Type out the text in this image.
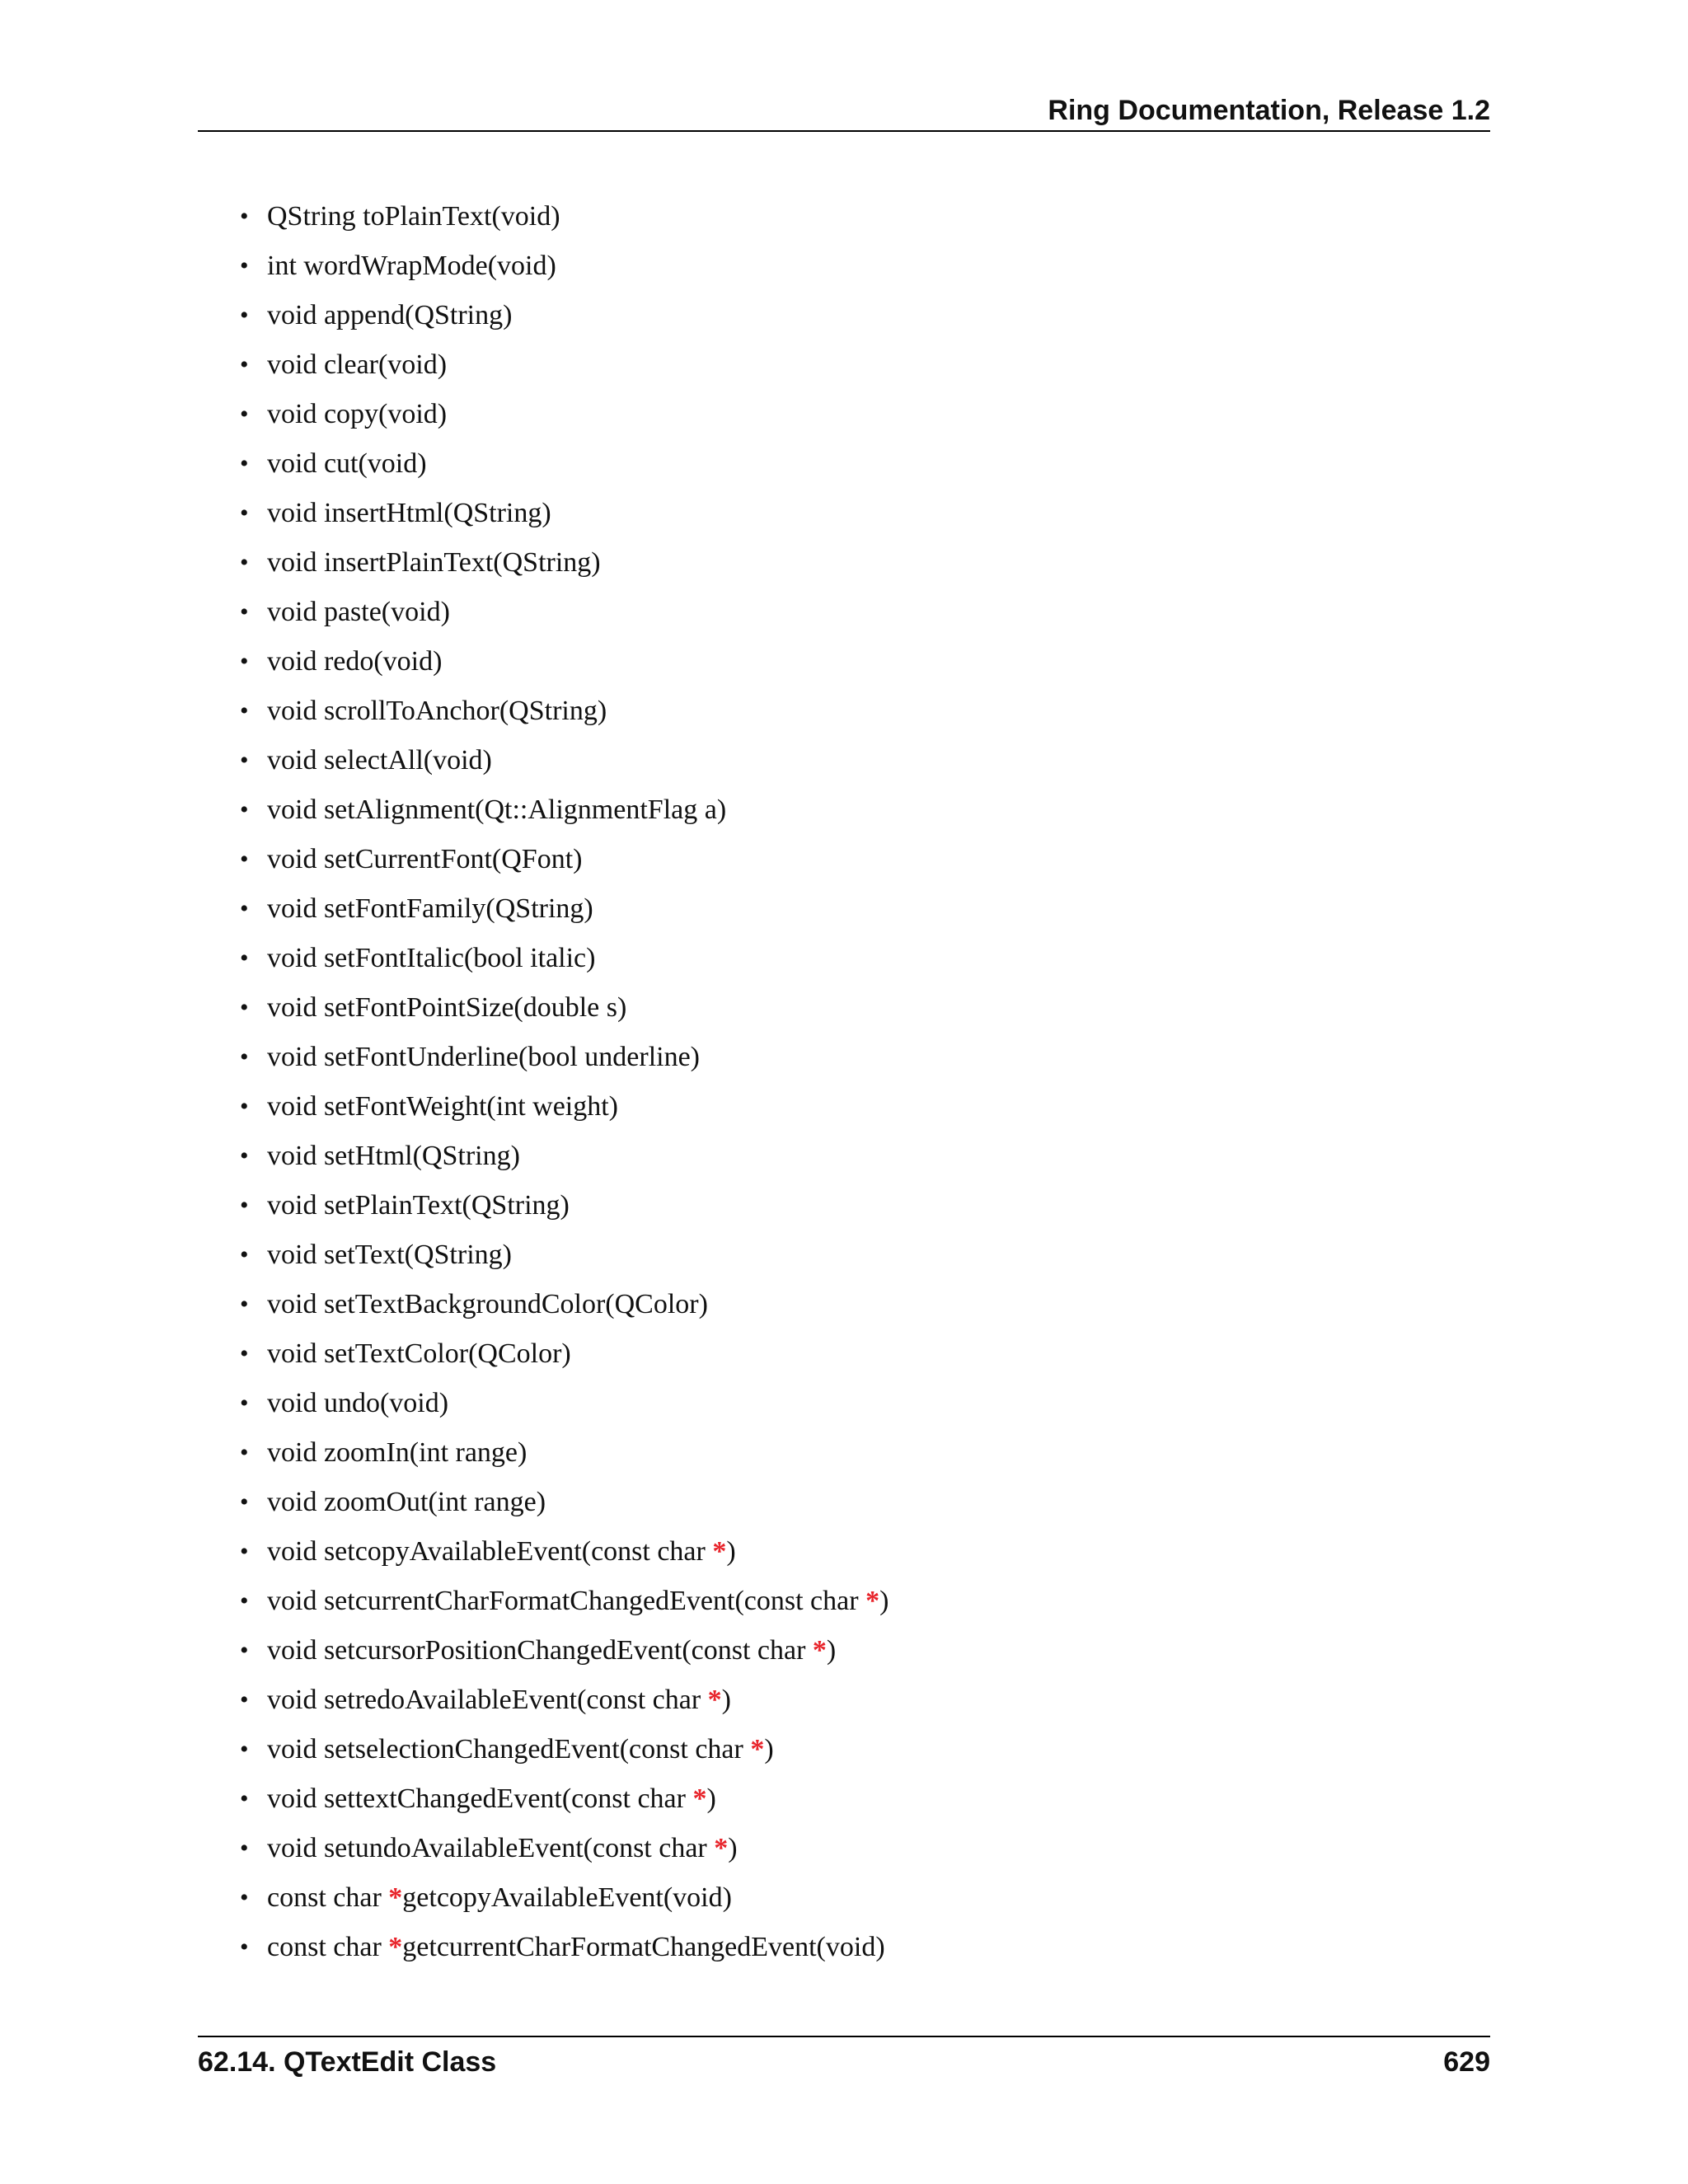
Ring Documentation, Release 1.2
• QString toPlainText(void)
• int wordWrapMode(void)
• void append(QString)
• void clear(void)
• void copy(void)
• void cut(void)
• void insertHtml(QString)
• void insertPlainText(QString)
• void paste(void)
• void redo(void)
• void scrollToAnchor(QString)
• void selectAll(void)
• void setAlignment(Qt::AlignmentFlag a)
• void setCurrentFont(QFont)
• void setFontFamily(QString)
• void setFontItalic(bool italic)
• void setFontPointSize(double s)
• void setFontUnderline(bool underline)
• void setFontWeight(int weight)
• void setHtml(QString)
• void setPlainText(QString)
• void setText(QString)
• void setTextBackgroundColor(QColor)
• void setTextColor(QColor)
• void undo(void)
• void zoomIn(int range)
• void zoomOut(int range)
• void setcopyAvailableEvent(const char *)
• void setcurrentCharFormatChangedEvent(const char *)
• void setcursorPositionChangedEvent(const char *)
• void setredoAvailableEvent(const char *)
• void setselectionChangedEvent(const char *)
• void settextChangedEvent(const char *)
• void setundoAvailableEvent(const char *)
• const char *getcopyAvailableEvent(void)
• const char *getcurrentCharFormatChangedEvent(void)
62.14. QTextEdit Class	629
